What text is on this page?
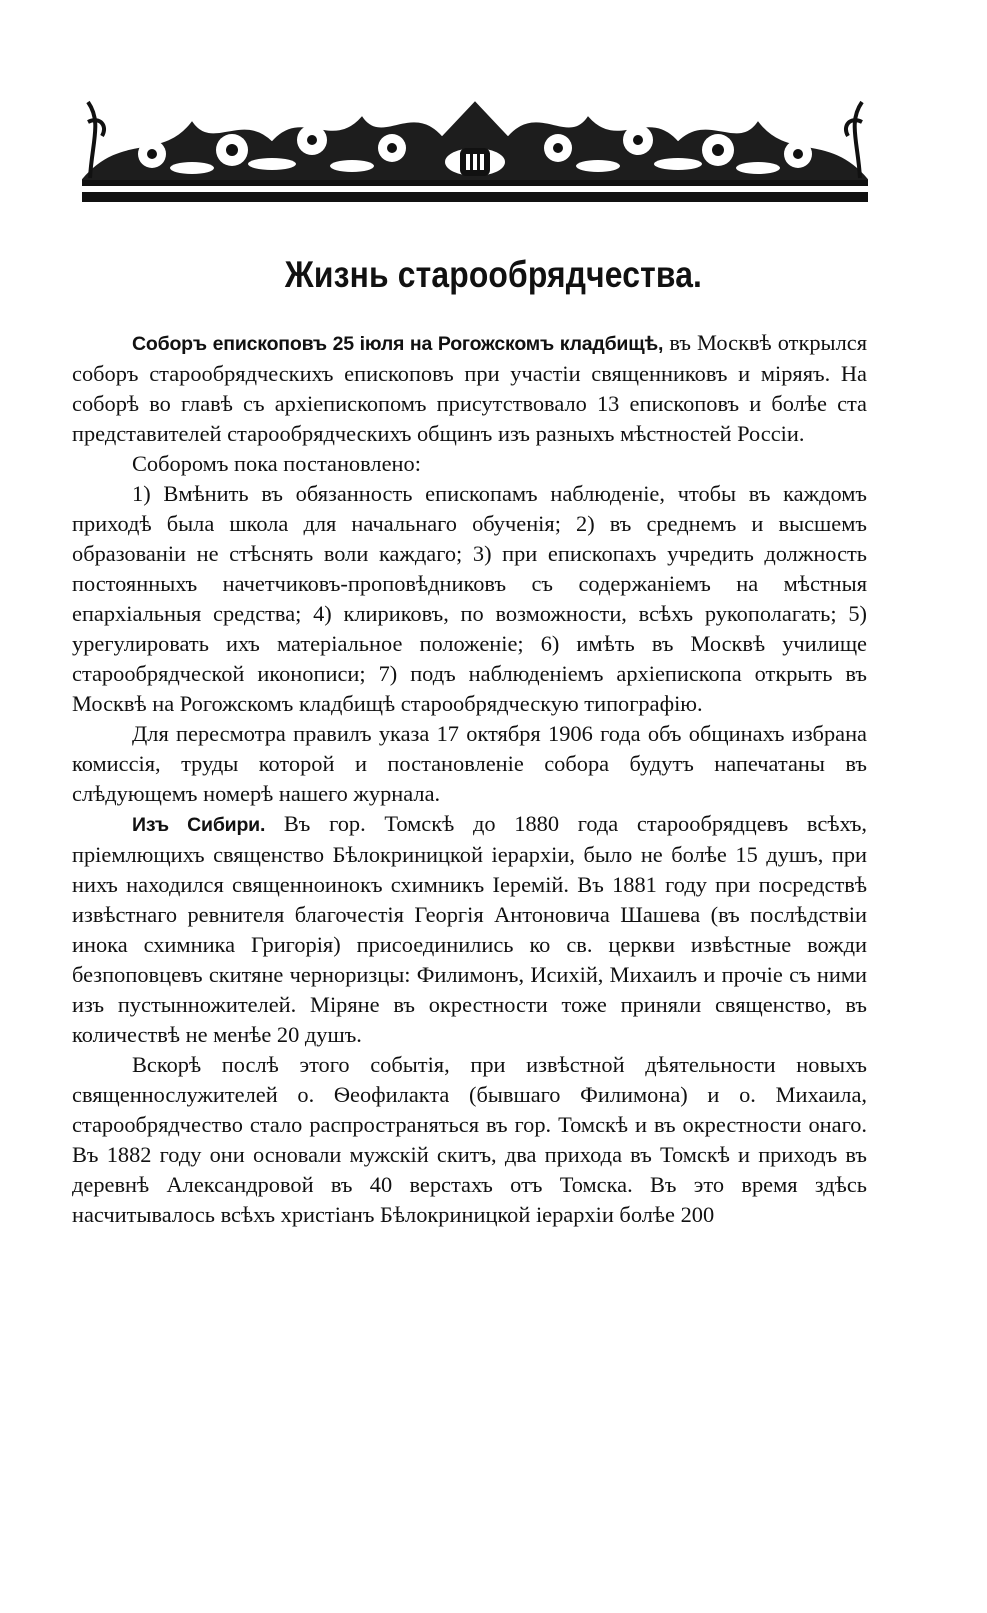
Жизнь старообрядчества.

Соборъ епископовъ 25 іюля на Рогожскомъ кладбищѣ, въ Москвѣ открылся соборъ старообрядческихъ епископовъ при участіи священниковъ и міряяъ. На соборѣ во главѣ съ архіепископомъ присутствовало 13 епископовъ и болѣе ста представителей старообрядческихъ общинъ изъ разныхъ мѣстностей Россіи.

Соборомъ пока постановлено:

1) Вмѣнить въ обязанность епископамъ наблюденіе, чтобы въ каждомъ приходѣ была школа для начальнаго обученія; 2) въ среднемъ и высшемъ образованіи не стѣснять воли каждаго; 3) при епископахъ учредить должность постоянныхъ начетчиковъ-проповѣдниковъ съ содержаніемъ на мѣстныя епархіальныя средства; 4) клириковъ, по возможности, всѣхъ рукополагать; 5) урегулировать ихъ матеріальное положеніе; 6) имѣть въ Москвѣ училище старообрядческой иконописи; 7) подъ наблюденіемъ архіепископа открыть въ Москвѣ на Рогожскомъ кладбищѣ старообрядческую типографію.

Для пересмотра правилъ указа 17 октября 1906 года объ общинахъ избрана комиссія, труды которой и постановленіе собора будутъ напечатаны въ слѣдующемъ номерѣ нашего журнала.

Изъ Сибири. Въ гор. Томскѣ до 1880 года старообрядцевъ всѣхъ, пріемлющихъ священство Бѣлокриницкой іерархіи, было не болѣе 15 душъ, при нихъ находился священноинокъ схимникъ Іеремій. Въ 1881 году при посредствѣ извѣстнаго ревнителя благочестія Георгія Антоновича Шашева (въ послѣдствіи инока схимника Григорія) присоединились ко св. церкви извѣстные вожди безпоповцевъ скитяне черноризцы: Филимонъ, Исихій, Михаилъ и прочіе съ ними изъ пустынножителей. Міряне въ окрестности тоже приняли священство, въ количествѣ не менѣе 20 душъ.

Вскорѣ послѣ этого событія, при извѣстной дѣятельности новыхъ священнослужителей о. Ѳеофилакта (бывшаго Филимона) и о. Михаила, старообрядчество стало распространяться въ гор. Томскѣ и въ окрестности онаго. Въ 1882 году они основали мужскій скитъ, два прихода въ Томскѣ и приходъ въ деревнѣ Александровой въ 40 верстахъ отъ Томска. Въ это время здѣсь насчитывалось всѣхъ христіанъ Бѣлокриницкой іерархіи болѣе 200
